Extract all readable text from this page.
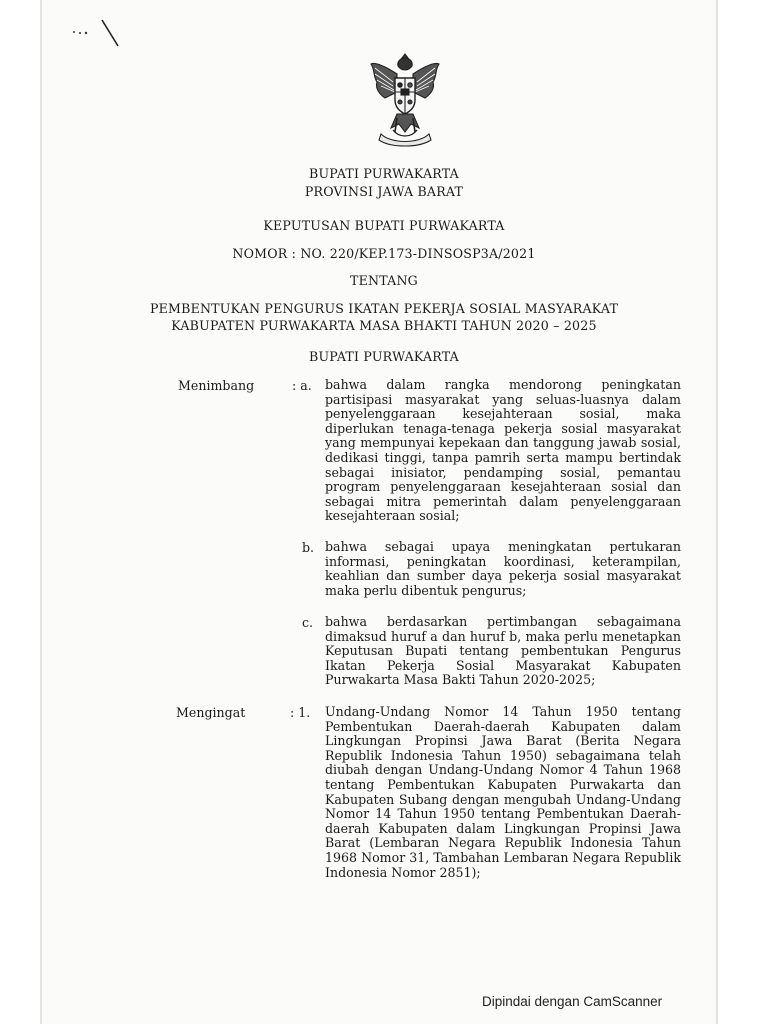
BUPATI PURWAKARTA
PROVINSI JAWA BARAT
KEPUTUSAN BUPATI PURWAKARTA
NOMOR : NO. 220/KEP.173-DINSOSP3A/2021
TENTANG
PEMBENTUKAN PENGURUS IKATAN PEKERJA SOSIAL MASYARAKAT
KABUPATEN PURWAKARTA MASA BHAKTI TAHUN 2020 – 2025
BUPATI PURWAKARTA
Menimbang	: a. bahwa dalam rangka mendorong peningkatan partisipasi masyarakat yang seluas-luasnya dalam penyelenggaraan kesejahteraan sosial, maka diperlukan tenaga-tenaga pekerja sosial masyarakat yang mempunyai kepekaan dan tanggung jawab sosial, dedikasi tinggi, tanpa pamrih serta mampu bertindak sebagai inisiator, pendamping sosial, pemantau program penyelenggaraan kesejahteraan sosial dan sebagai mitra pemerintah dalam penyelenggaraan kesejahteraan sosial;
b. bahwa sebagai upaya meningkatan pertukaran informasi, peningkatan koordinasi, keterampilan, keahlian dan sumber daya pekerja sosial masyarakat maka perlu dibentuk pengurus;
c. bahwa berdasarkan pertimbangan sebagaimana dimaksud huruf a dan huruf b, maka perlu menetapkan Keputusan Bupati tentang pembentukan Pengurus Ikatan Pekerja Sosial Masyarakat Kabupaten Purwakarta Masa Bakti Tahun 2020-2025;
Mengingat	: 1. Undang-Undang Nomor 14 Tahun 1950 tentang Pembentukan Daerah-daerah Kabupaten dalam Lingkungan Propinsi Jawa Barat (Berita Negara Republik Indonesia Tahun 1950) sebagaimana telah diubah dengan Undang-Undang Nomor 4 Tahun 1968 tentang Pembentukan Kabupaten Purwakarta dan Kabupaten Subang dengan mengubah Undang-Undang Nomor 14 Tahun 1950 tentang Pembentukan Daerah-daerah Kabupaten dalam Lingkungan Propinsi Jawa Barat (Lembaran Negara Republik Indonesia Tahun 1968 Nomor 31, Tambahan Lembaran Negara Republik Indonesia Nomor 2851);
Dipindai dengan CamScanner
